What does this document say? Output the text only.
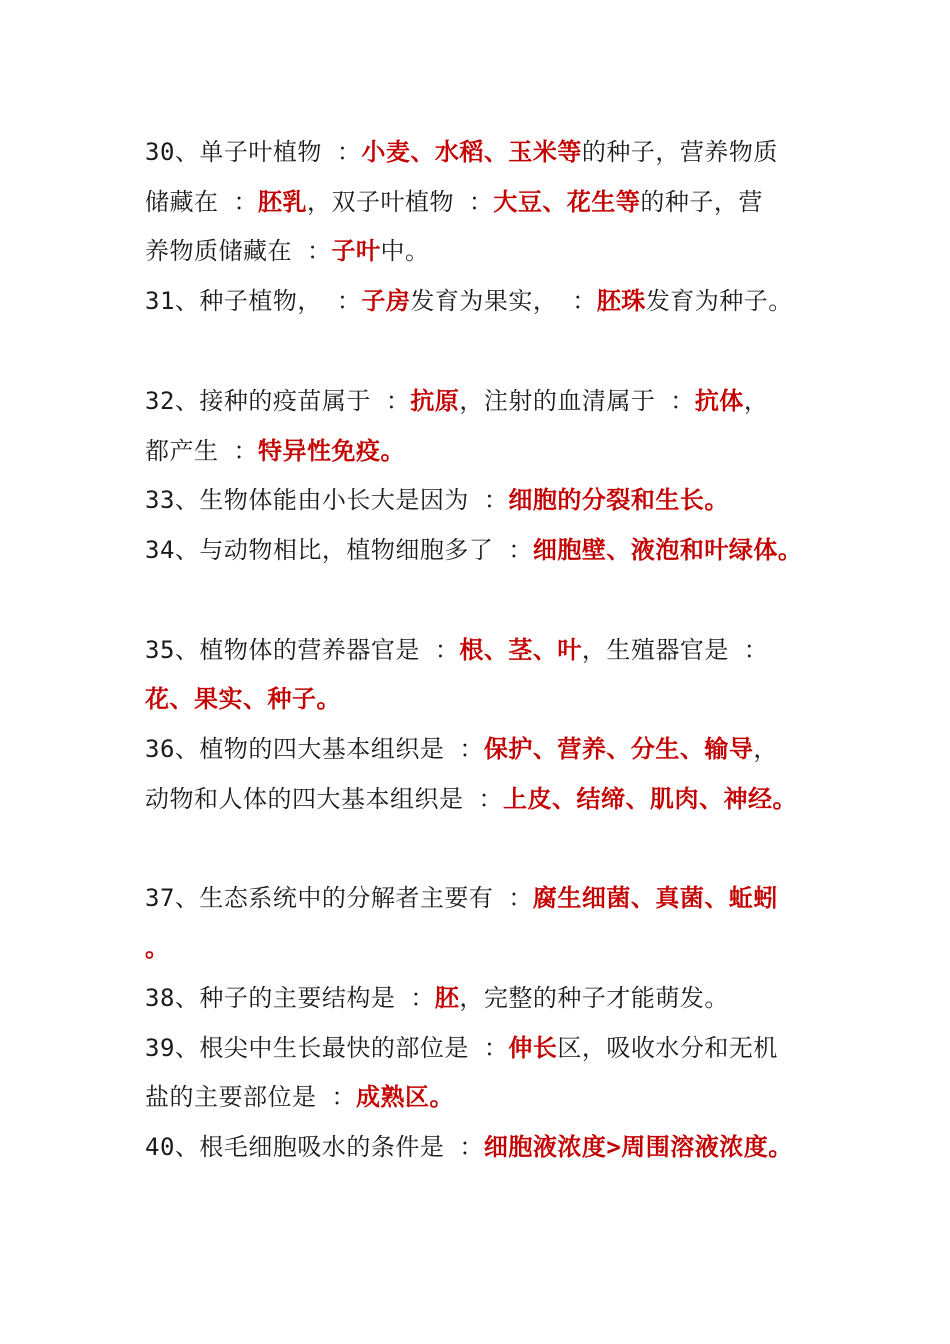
30、单子叶植物 ：小麦、水稻、玉米等的种子，营养物质
储藏在 ：胚乳，双子叶植物 ：大豆、花生等的种子，营
养物质储藏在 ：子叶中。
31、种子植物， ：子房发育为果实， ：胚珠发育为种子。
32、接种的疫苗属于 ：抗原，注射的血清属于 ：抗体，
都产生 ：特异性免疫。
33、生物体能由小长大是因为 ：细胞的分裂和生长。
34、与动物相比，植物细胞多了 ：细胞壁、液泡和叶绿体。
35、植物体的营养器官是 ：根、茎、叶，生殖器官是 ：
花、果实、种子。
36、植物的四大基本组织是 ：保护、营养、分生、输导，
动物和人体的四大基本组织是 ：上皮、结缔、肌肉、神经。
37、生态系统中的分解者主要有 ：腐生细菌、真菌、蚯蚓
。
38、种子的主要结构是 ：胚，完整的种子才能萌发。
39、根尖中生长最快的部位是 ：伸长区，吸收水分和无机
盐的主要部位是 ：成熟区。
40、根毛细胞吸水的条件是 ：细胞液浓度>周围溶液浓度。
